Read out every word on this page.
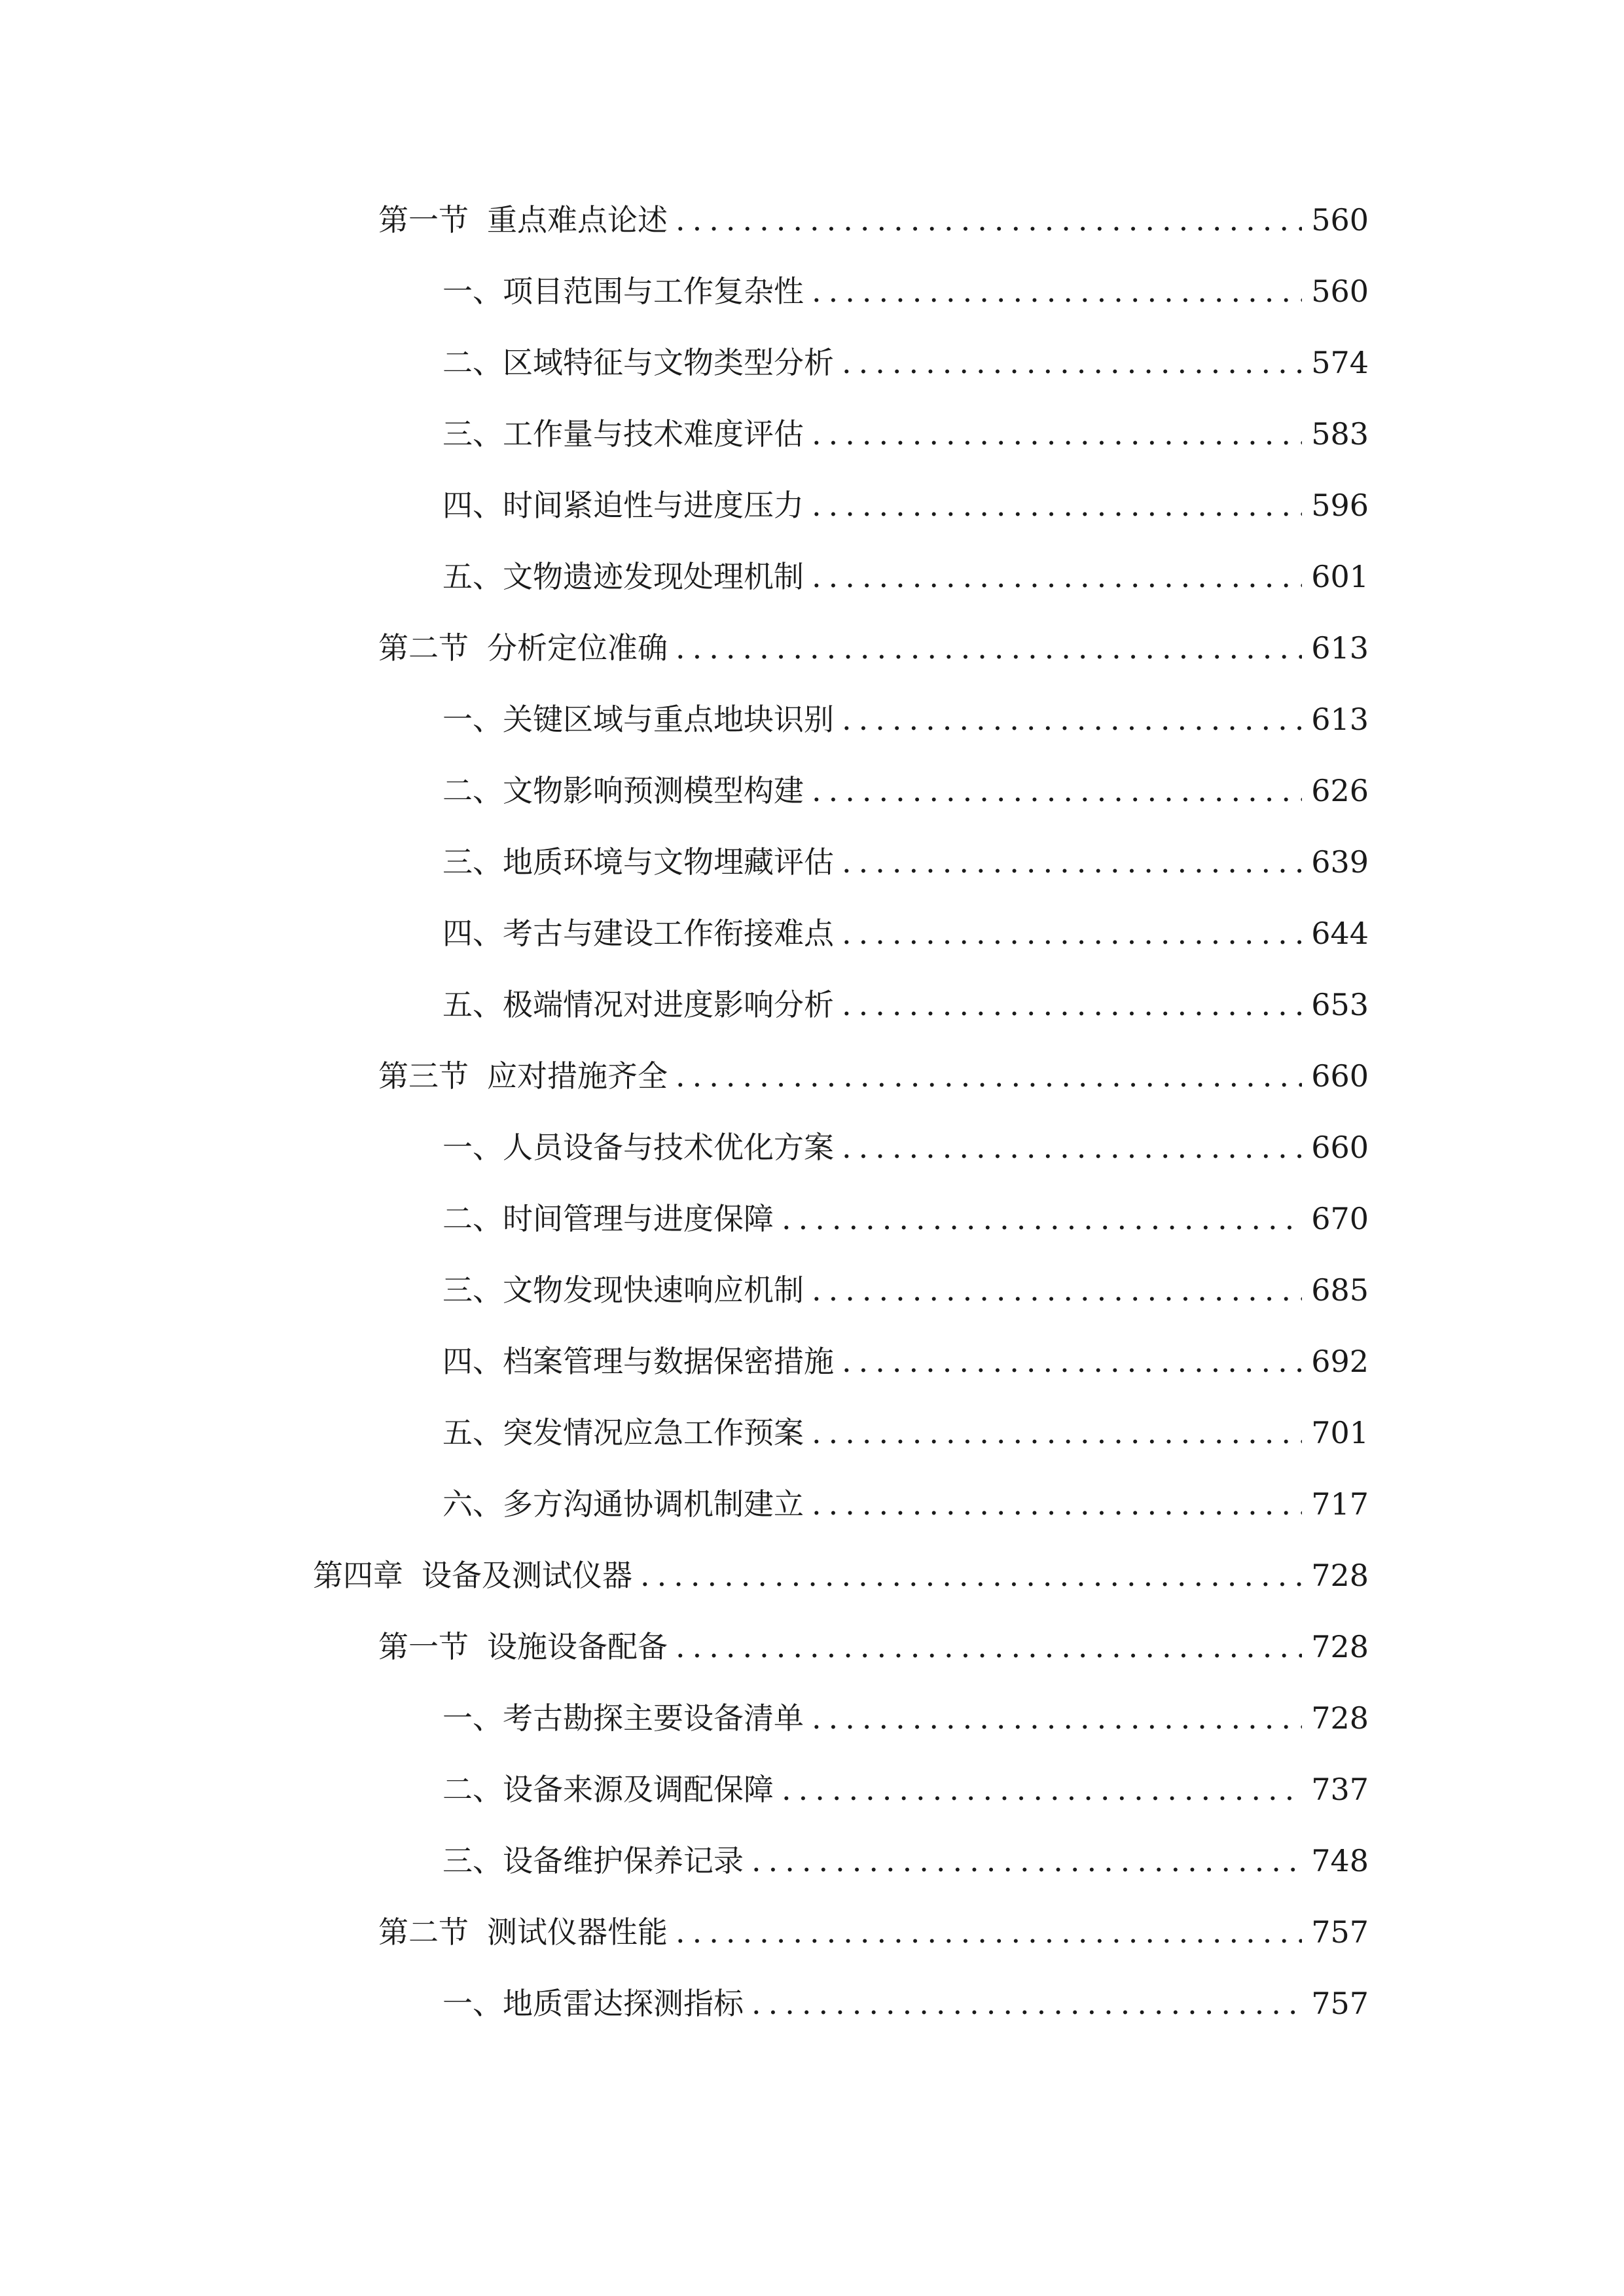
第一节 重点难点论述 .....	560
一、 项目范围与工作复杂性 .....	560
二、 区域特征与文物类型分析 .....	574
三、 工作量与技术难度评估 .....	583
四、 时间紧迫性与进度压力 .....	596
五、 文物遗迹发现处理机制 .....	601
第二节 分析定位准确 .....	613
一、 关键区域与重点地块识别 .....	613
二、 文物影响预测模型构建 .....	626
三、 地质环境与文物埋藏评估 .....	639
四、 考古与建设工作衔接难点 .....	644
五、 极端情况对进度影响分析 .....	653
第三节 应对措施齐全 .....	660
一、 人员设备与技术优化方案 .....	660
二、 时间管理与进度保障 .....	670
三、 文物发现快速响应机制 .....	685
四、 档案管理与数据保密措施 .....	692
五、 突发情况应急工作预案 .....	701
六、 多方沟通协调机制建立 .....	717
第四章 设备及测试仪器 .....	728
第一节 设施设备配备 .....	728
一、 考古勘探主要设备清单 .....	728
二、 设备来源及调配保障 .....	737
三、 设备维护保养记录 .....	748
第二节 测试仪器性能 .....	757
一、 地质雷达探测指标 .....	757
